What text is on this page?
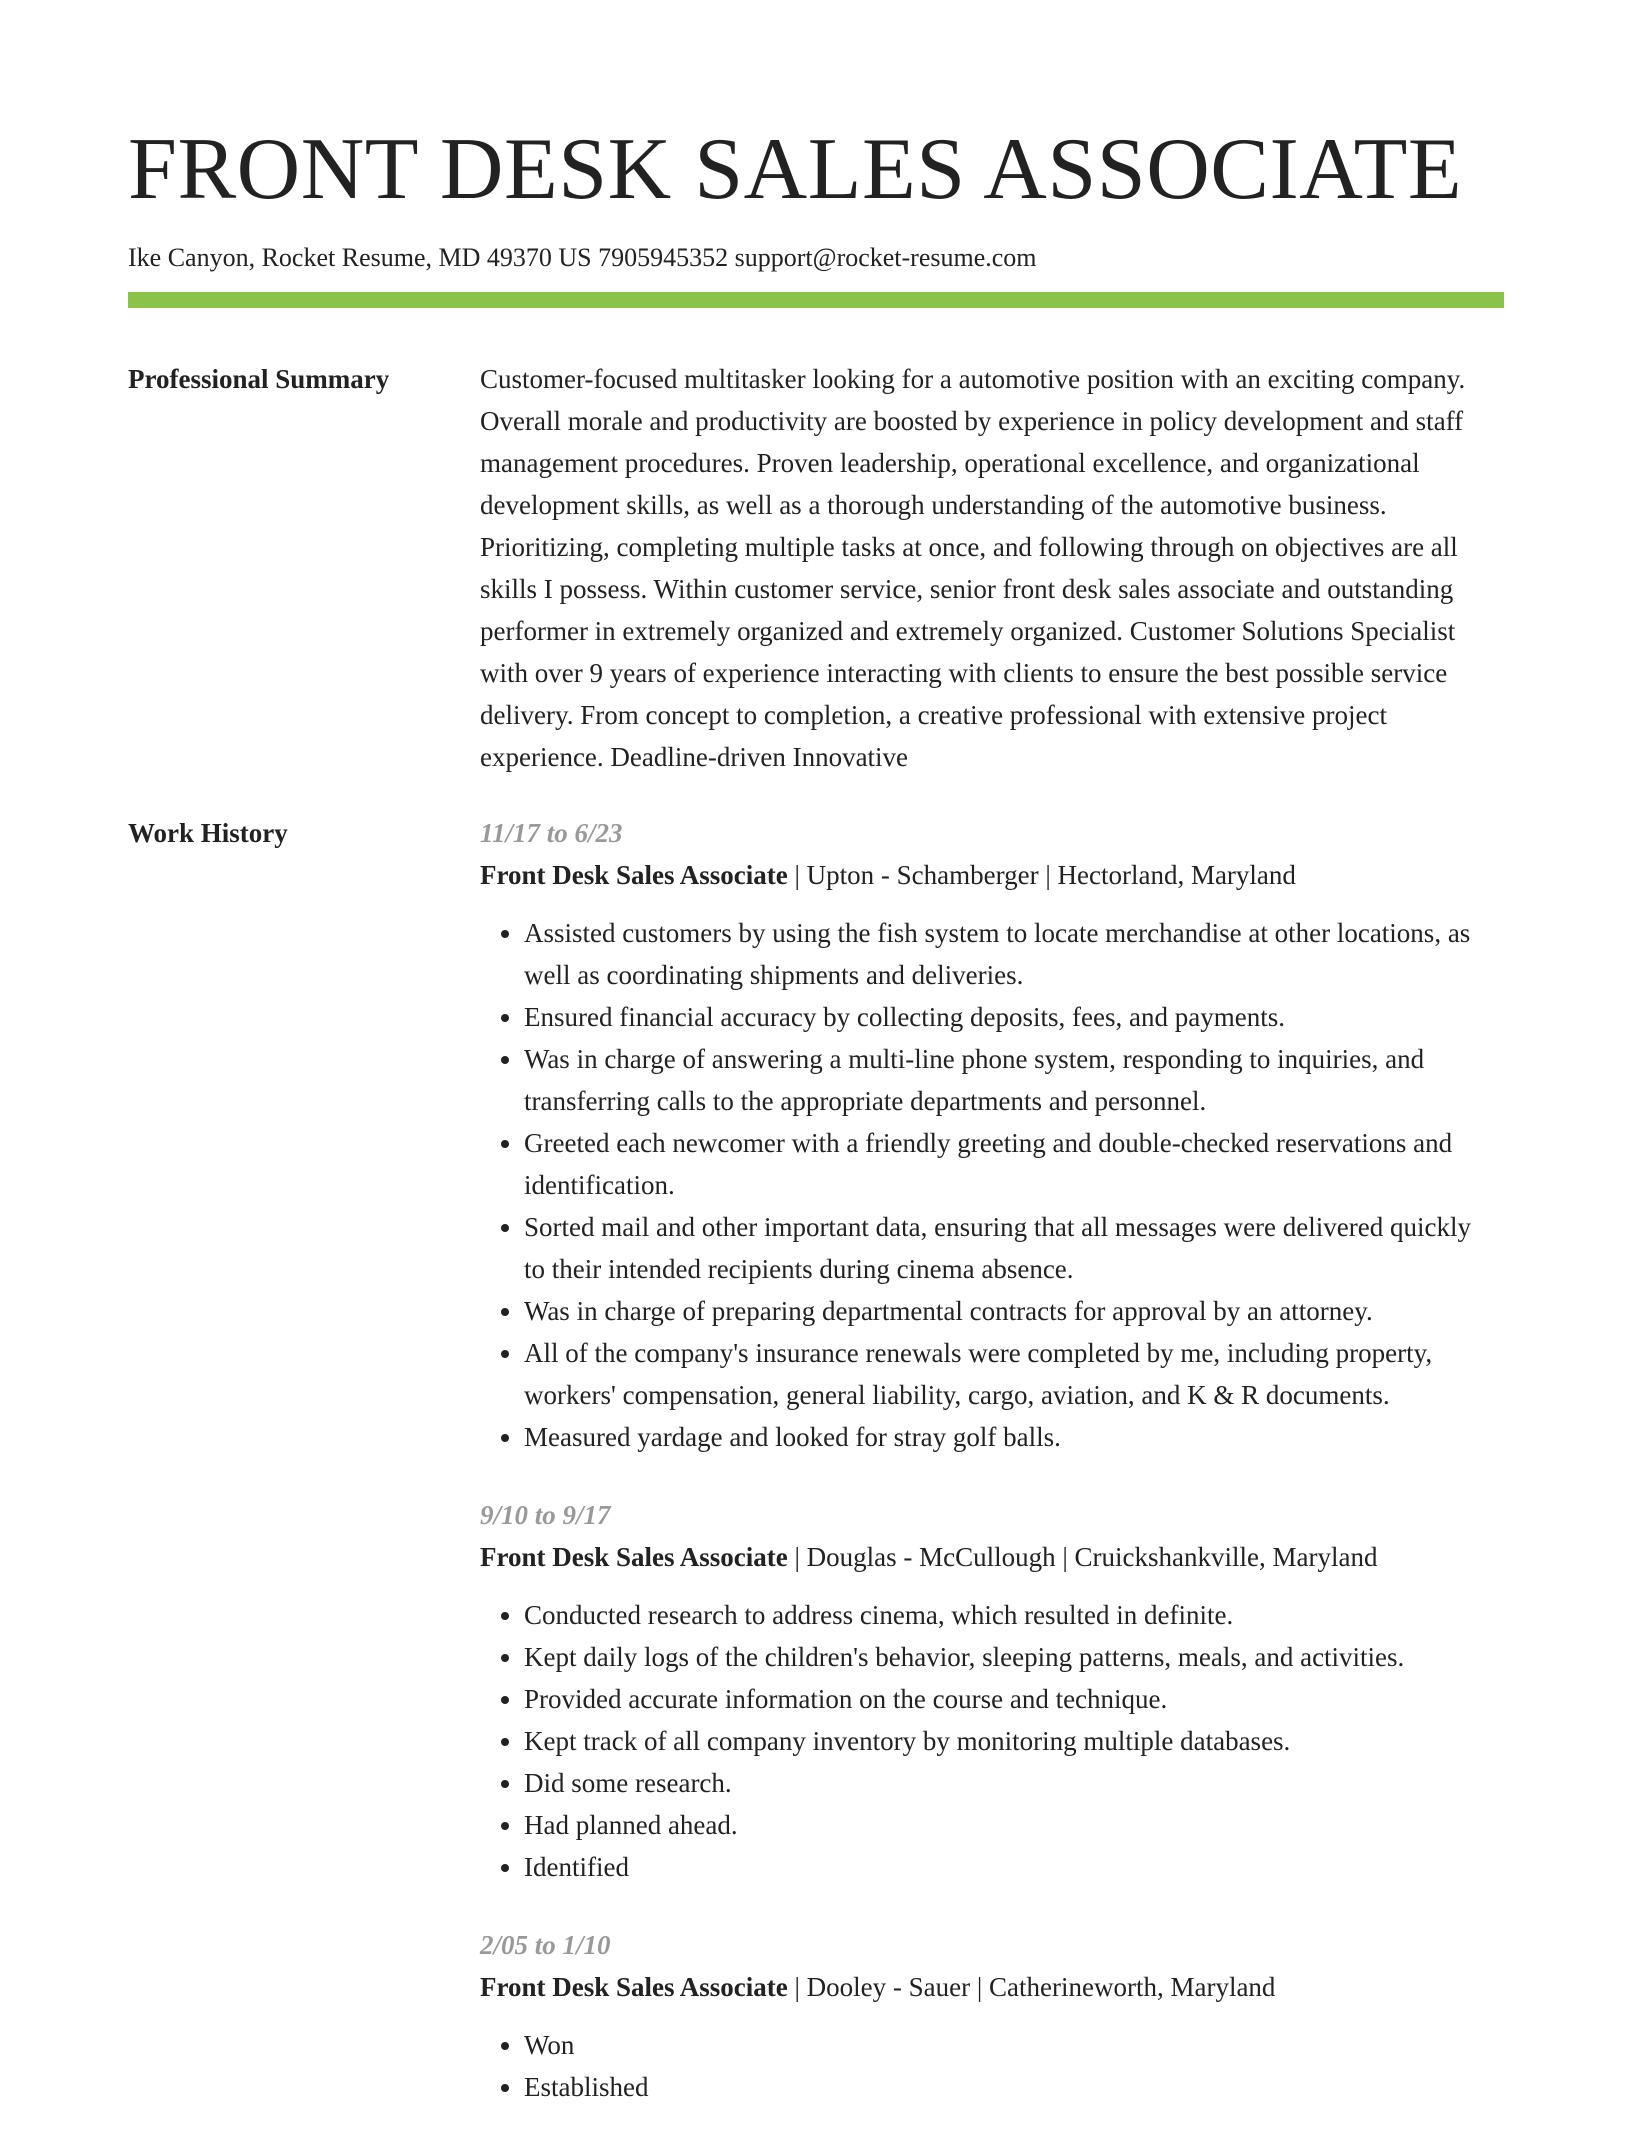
FRONT DESK SALES ASSOCIATE
Ike Canyon, Rocket Resume, MD 49370 US 7905945352 support@rocket-resume.com
Professional Summary	Customer-focused multitasker looking for a automotive position with an exciting company. Overall morale and productivity are boosted by experience in policy development and staff management procedures. Proven leadership, operational excellence, and organizational development skills, as well as a thorough understanding of the automotive business. Prioritizing, completing multiple tasks at once, and following through on objectives are all skills I possess. Within customer service, senior front desk sales associate and outstanding performer in extremely organized and extremely organized. Customer Solutions Specialist with over 9 years of experience interacting with clients to ensure the best possible service delivery. From concept to completion, a creative professional with extensive project experience. Deadline-driven Innovative

Work History	11/17 to 6/23
Front Desk Sales Associate | Upton - Schamberger | Hectorland, Maryland
• Assisted customers by using the fish system to locate merchandise at other locations, as well as coordinating shipments and deliveries.
• Ensured financial accuracy by collecting deposits, fees, and payments.
• Was in charge of answering a multi-line phone system, responding to inquiries, and transferring calls to the appropriate departments and personnel.
• Greeted each newcomer with a friendly greeting and double-checked reservations and identification.
• Sorted mail and other important data, ensuring that all messages were delivered quickly to their intended recipients during cinema absence.
• Was in charge of preparing departmental contracts for approval by an attorney.
• All of the company's insurance renewals were completed by me, including property, workers' compensation, general liability, cargo, aviation, and K & R documents.
• Measured yardage and looked for stray golf balls.
9/10 to 9/17
Front Desk Sales Associate | Douglas - McCullough | Cruickshankville, Maryland
• Conducted research to address cinema, which resulted in definite.
• Kept daily logs of the children's behavior, sleeping patterns, meals, and activities.
• Provided accurate information on the course and technique.
• Kept track of all company inventory by monitoring multiple databases.
• Did some research.
• Had planned ahead.
• Identified
2/05 to 1/10
Front Desk Sales Associate | Dooley - Sauer | Catherineworth, Maryland
• Won
• Established
